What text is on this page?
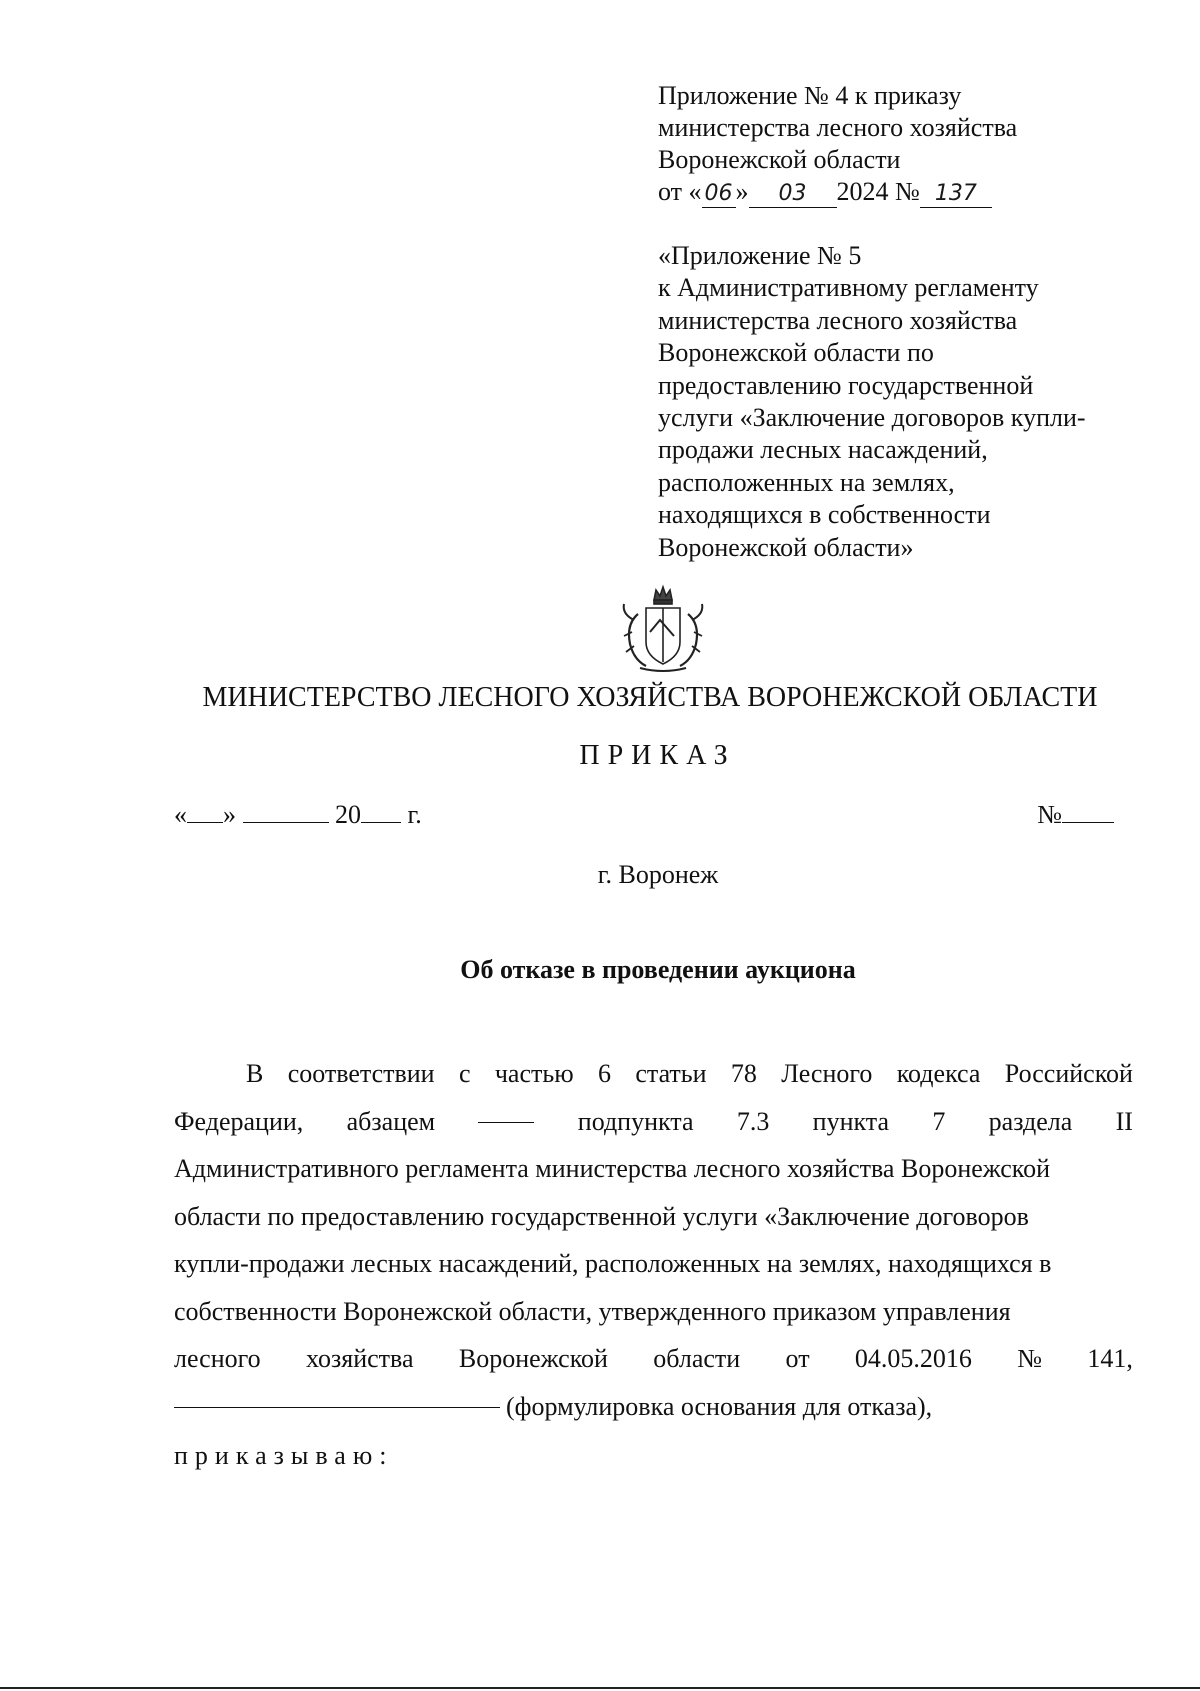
Приложение № 4 к приказу
министерства лесного хозяйства
Воронежской области
от « 06 » 03 2024 № 137
«Приложение № 5
к Административному регламенту
министерства лесного хозяйства
Воронежской области по
предоставлению государственной
услуги «Заключение договоров купли-
продажи лесных насаждений,
расположенных на землях,
находящихся в собственности
Воронежской области»
МИНИСТЕРСТВО ЛЕСНОГО ХОЗЯЙСТВА ВОРОНЕЖСКОЙ ОБЛАСТИ
ПРИКАЗ
« »	20 г.	№
г. Воронеж
Об отказе в проведении аукциона
В соответствии с частью 6 статьи 78 Лесного кодекса Российской
Федерации, абзацем	подпункта 7.3 пункта 7 раздела II
Административного регламента министерства лесного хозяйства Воронежской
области по предоставлению государственной услуги «Заключение договоров
купли-продажи лесных насаждений, расположенных на землях, находящихся в
собственности Воронежской области, утвержденного приказом управления
лесного хозяйства Воронежской области от 04.05.2016 № 141,
(формулировка основания для отказа),
приказываю:
